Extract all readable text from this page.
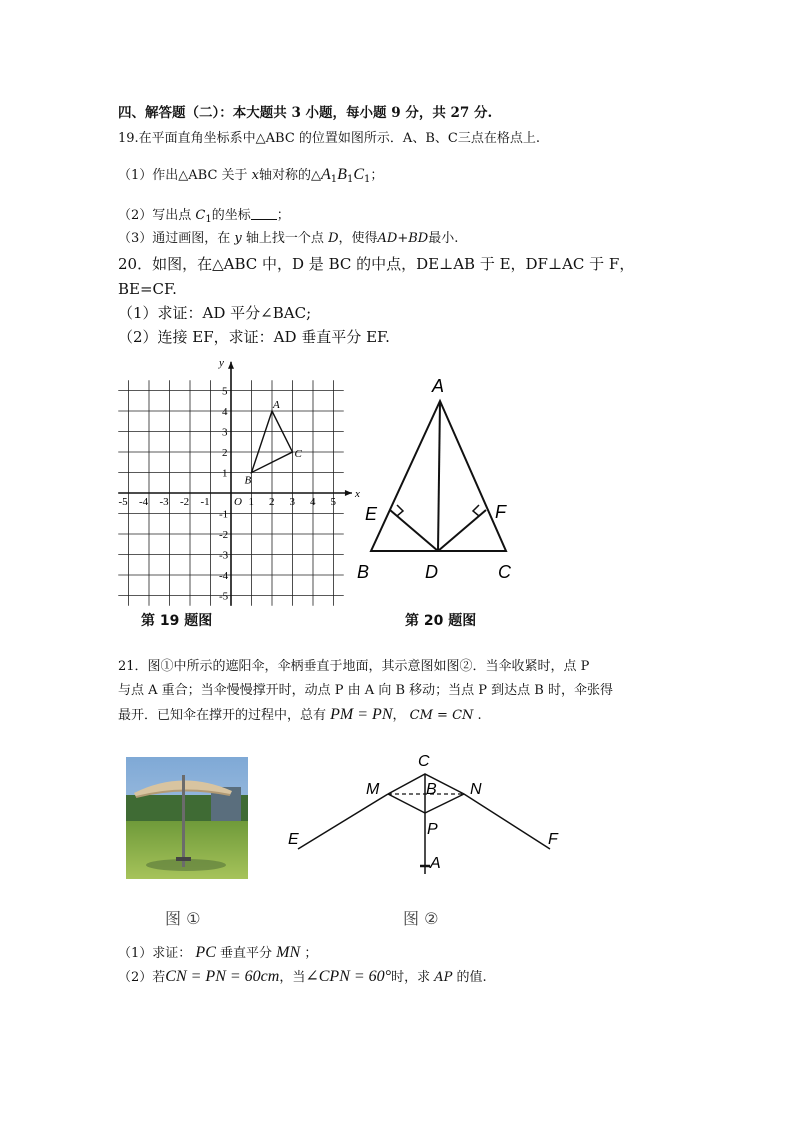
四、解答题（二）：本大题共 3 小题，每小题 9 分，共 27 分.
19.在平面直角坐标系中△ABC 的位置如图所示．A、B、C三点在格点上.
（1）作出△ABC 关于 x轴对称的$\triangle A_1B_1C_1$；
（2）写出点 $C_1$的坐标 ；
（3）通过画图，在 y 轴上找一个点 D，使得AD+BD最小.
20．如图，在△ABC 中，D 是 BC 的中点，DE⊥AB 于 E，DF⊥AC 于 F，
BE=CF.
（1）求证：AD 平分∠BAC;
（2）连接 EF，求证：AD 垂直平分 EF.
x
y
O
-5 -4 -3 -2 -1	1 2 3 4 5
5
4
3
2
1
-1
-2
-3
-4
-5
A
B
C
A
B	C
D
E	F
第 19 题图	第 20 题图
21．图①中所示的遮阳伞，伞柄垂直于地面，其示意图如图②．当伞收紧时，点 P
与点 A 重合；当伞慢慢撑开时，动点 P 由 A 向 B 移动；当点 P 到达点 B 时，伞张得
最开．已知伞在撑开的过程中，总有 PM = PN， CM = CN .
C
M	B N
P
E	F
A
图 ①	图 ②
（1）求证： PC 垂直平分 MN ；
（2）若CN = PN = 60cm，当∠CPN = 60°时，求 AP 的值.
